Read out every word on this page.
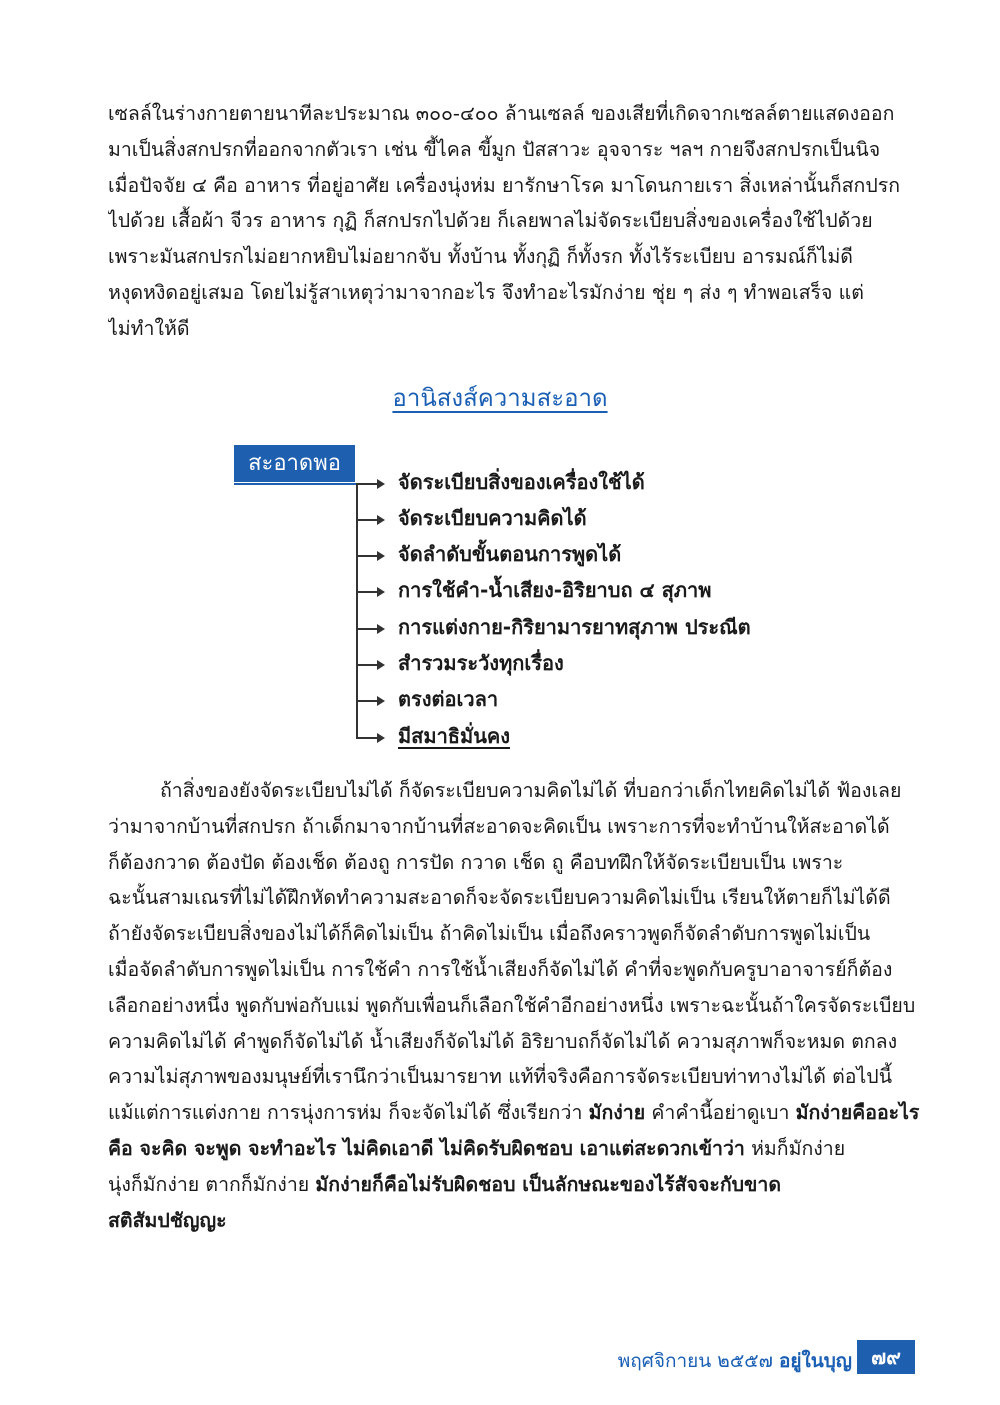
เซลล์ในร่างกายตายนาทีละประมาณ ๓๐๐-๔๐๐ ล้านเซลล์ ของเสียที่เกิดจากเซลล์ตายแสดงออก
มาเป็นสิ่งสกปรกที่ออกจากตัวเรา เช่น ขี้ไคล ขี้มูก ปัสสาวะ อุจจาระ ฯลฯ กายจึงสกปรกเป็นนิจ
เมื่อปัจจัย ๔ คือ อาหาร ที่อยู่อาศัย เครื่องนุ่งห่ม ยารักษาโรค มาโดนกายเรา สิ่งเหล่านั้นก็สกปรก
ไปด้วย เสื้อผ้า จีวร อาหาร กุฏิ ก็สกปรกไปด้วย ก็เลยพาลไม่จัดระเบียบสิ่งของเครื่องใช้ไปด้วย
เพราะมันสกปรกไม่อยากหยิบไม่อยากจับ ทั้งบ้าน ทั้งกุฏิ ก็ทั้งรก ทั้งไร้ระเบียบ อารมณ์ก็ไม่ดี
หงุดหงิดอยู่เสมอ โดยไม่รู้สาเหตุว่ามาจากอะไร จึงทำอะไรมักง่าย ชุ่ย ๆ ส่ง ๆ ทำพอเสร็จ แต่
ไม่ทำให้ดี
อานิสงส์ความสะอาด
สะอาดพอ
จัดระเบียบสิ่งของเครื่องใช้ได้
จัดระเบียบความคิดได้
จัดลำดับขั้นตอนการพูดได้
การใช้คำ-น้ำเสียง-อิริยาบถ ๔ สุภาพ
การแต่งกาย-กิริยามารยาทสุภาพ ประณีต
สำรวมระวังทุกเรื่อง
ตรงต่อเวลา
มีสมาธิมั่นคง
ถ้าสิ่งของยังจัดระเบียบไม่ได้ ก็จัดระเบียบความคิดไม่ได้ ที่บอกว่าเด็กไทยคิดไม่ได้ ฟ้องเลย
ว่ามาจากบ้านที่สกปรก ถ้าเด็กมาจากบ้านที่สะอาดจะคิดเป็น เพราะการที่จะทำบ้านให้สะอาดได้
ก็ต้องกวาด ต้องปัด ต้องเช็ด ต้องถู การปัด กวาด เช็ด ถู คือบทฝึกให้จัดระเบียบเป็น เพราะ
ฉะนั้นสามเณรที่ไม่ได้ฝึกหัดทำความสะอาดก็จะจัดระเบียบความคิดไม่เป็น เรียนให้ตายก็ไม่ได้ดี
ถ้ายังจัดระเบียบสิ่งของไม่ได้ก็คิดไม่เป็น ถ้าคิดไม่เป็น เมื่อถึงคราวพูดก็จัดลำดับการพูดไม่เป็น
เมื่อจัดลำดับการพูดไม่เป็น การใช้คำ การใช้น้ำเสียงก็จัดไม่ได้ คำที่จะพูดกับครูบาอาจารย์ก็ต้อง
เลือกอย่างหนึ่ง พูดกับพ่อกับแม่ พูดกับเพื่อนก็เลือกใช้คำอีกอย่างหนึ่ง เพราะฉะนั้นถ้าใครจัดระเบียบ
ความคิดไม่ได้ คำพูดก็จัดไม่ได้ น้ำเสียงก็จัดไม่ได้ อิริยาบถก็จัดไม่ได้ ความสุภาพก็จะหมด ตกลง
ความไม่สุภาพของมนุษย์ที่เรานึกว่าเป็นมารยาท แท้ที่จริงคือการจัดระเบียบท่าทางไม่ได้ ต่อไปนี้
แม้แต่การแต่งกาย การนุ่งการห่ม ก็จะจัดไม่ได้ ซึ่งเรียกว่า มักง่าย คำคำนี้อย่าดูเบา มักง่ายคืออะไร
คือ จะคิด จะพูด จะทำอะไร ไม่คิดเอาดี ไม่คิดรับผิดชอบ เอาแต่สะดวกเข้าว่า ห่มก็มักง่าย
นุ่งก็มักง่าย ตากก็มักง่าย มักง่ายก็คือไม่รับผิดชอบ เป็นลักษณะของไร้สัจจะกับขาด
สติสัมปชัญญะ
พฤศจิกายน ๒๕๕๗ อยู่ในบุญ ๗๙
